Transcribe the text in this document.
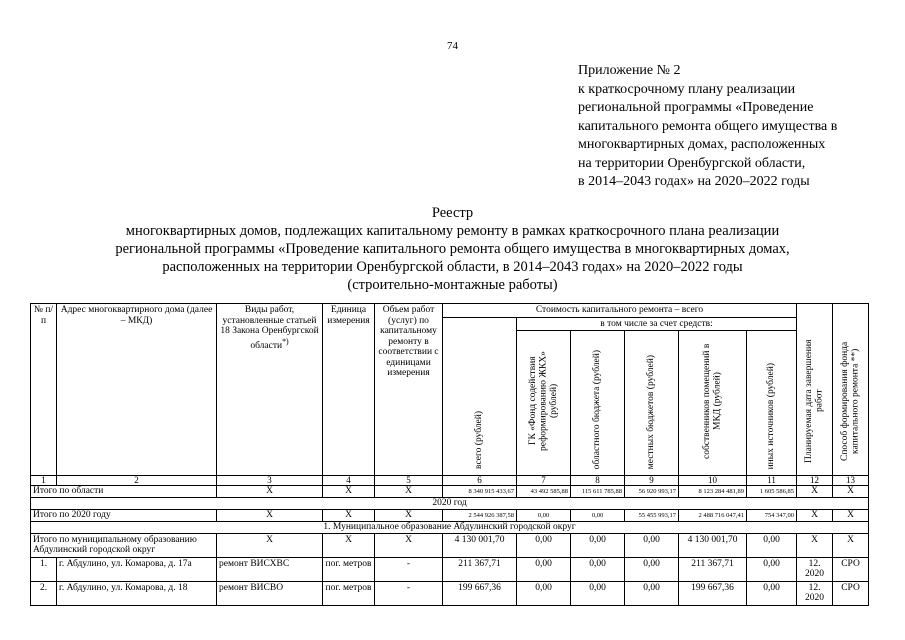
74
Приложение № 2
к краткосрочному плану реализации
региональной программы «Проведение
капитального ремонта общего имущества в
многоквартирных домах, расположенных
на территории Оренбургской области,
в 2014–2043 годах» на 2020–2022 годы
Реестр
многоквартирных домов, подлежащих капитальному ремонту в рамках краткосрочного плана реализации
региональной программы «Проведение капитального ремонта общего имущества в многоквартирных домах,
расположенных на территории Оренбургской области, в 2014–2043 годах» на 2020–2022 годы
(строительно-монтажные работы)
№ п/п	Адрес многоквартирного дома (далее – МКД)	Виды работ, установленные статьей 18 Закона Оренбургской области*)	Единица измерения	Объем работ (услуг) по капитальному ремонту в соответствии с единицами измерения	Стоимость капитального ремонта – всего						Планируемая дата завершения работ	Способ формирования фонда капитального ремонта **)
					всего (рублей)	в том числе за счет средств:						
						ГК «Фонд содействия реформированию ЖКХ» (рублей)	областного бюджета (рублей)	местных бюджетов (рублей)	собственников помещений в МКД (рублей)	иных источников (рублей)		
1	2	3	4	5	6	7	8	9	10	11	12	13
Итого по области		Х	Х	Х	8 340 915 433,67	43 492 585,88	115 611 785,88	56 920 993,17	8 123 284 481,89	1 605 586,85	Х	Х
2020 год												
Итого по 2020 году		Х	Х	Х	2 544 926 387,58	0,00	0,00	55 455 993,17	2 488 716 047,41	754 347,00	Х	Х
1. Муниципальное образование Абдулинский городской округ												
Итого по муниципальному образованию Абдулинский городской округ		Х	Х	Х	4 130 001,70	0,00	0,00	0,00	4 130 001,70	0,00	Х	Х
1.	г. Абдулино, ул. Комарова, д. 17а	ремонт ВИСХВС	пог. метров	-	211 367,71	0,00	0,00	0,00	211 367,71	0,00	12. 2020	СРО
2.	г. Абдулино, ул. Комарова, д. 18	ремонт ВИСВО	пог. метров	-	199 667,36	0,00	0,00	0,00	199 667,36	0,00	12. 2020	СРО
